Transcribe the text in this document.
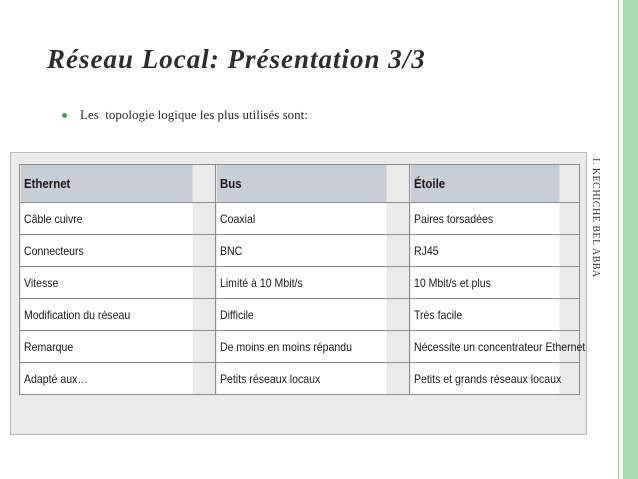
Réseau Local: Présentation 3/3
Les  topologie logique les plus utilisés sont:
I. KECHICHE BEL ABBA
Ethernet	Bus	Étoile
Câble cuivre	Coaxial	Paires torsadées
Connecteurs	BNC	RJ45
Vitesse	Limité à 10 Mbit/s	10 Mbit/s et plus
Modification du réseau	Difficile	Très facile
Remarque	De moins en moins répandu	Nécessite un concentrateur Ethernet
Adapté aux…	Petits réseaux locaux	Petits et grands réseaux locaux
